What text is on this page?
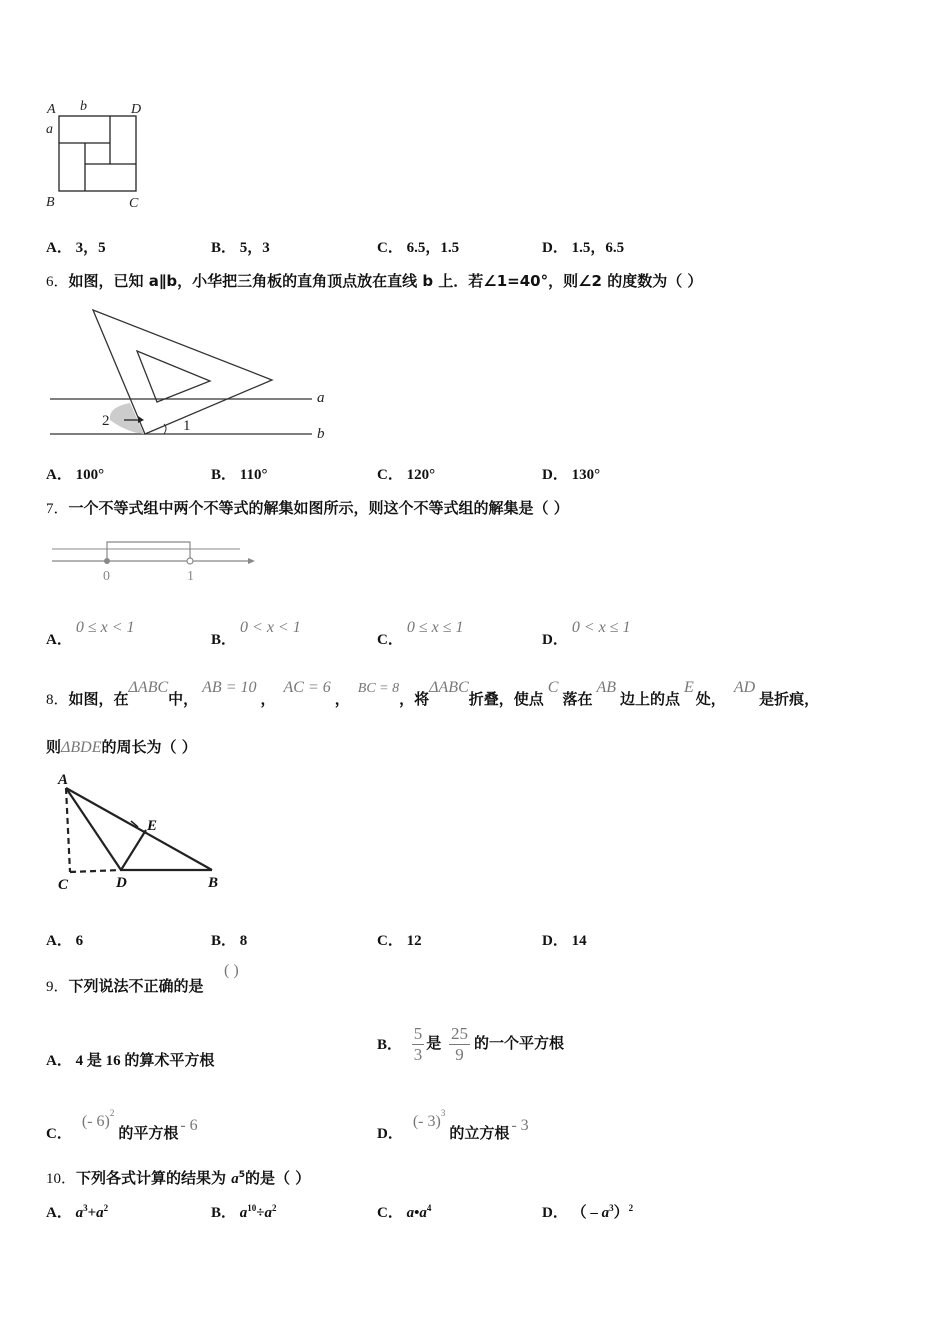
A b	D
a
B	C
A． 3，5	B． 5，3	C． 6.5，1.5	D． 1.5，6.5
6．如图，已知 a∥b，小华把三角板的直角顶点放在直线 b 上．若∠1=40°，则∠2 的度数为（ ）
2	1
a
b
A． 100°	B． 110°	C． 120°	D． 130°
7．一个不等式组中两个不等式的解集如图所示，则这个不等式组的解集是（ ）
0	1
A．0 ≤ x < 1
B．0 < x < 1
C．0 ≤ x ≤ 1
D．0 < x ≤ 1
8．如图，在ΔABC中，AB = 10，AC = 6，BC = 8，将ΔABC折叠，使点C落在AB边上的点E处，AD是折痕，
则ΔBDE的周长为（ ）
A
E
C	D	B
A． 6	B． 8	C． 12	D． 14
9．下列说法不正确的是
( )
A． 4 是 16 的算术平方根
B． $\frac{5}{3}$ 是 $\frac{25}{9}$ 的一个平方根
C．(- 6)$^2$的平方根 - 6	D．(- 3)$^3$的立方根 - 3
10．下列各式计算的结果为 $a^5$的是（ ）
A． $a^3+a^2$	B． $a^{10}\div a^2$	C． $a•a^4$	D． （ – $a^3)^2$
